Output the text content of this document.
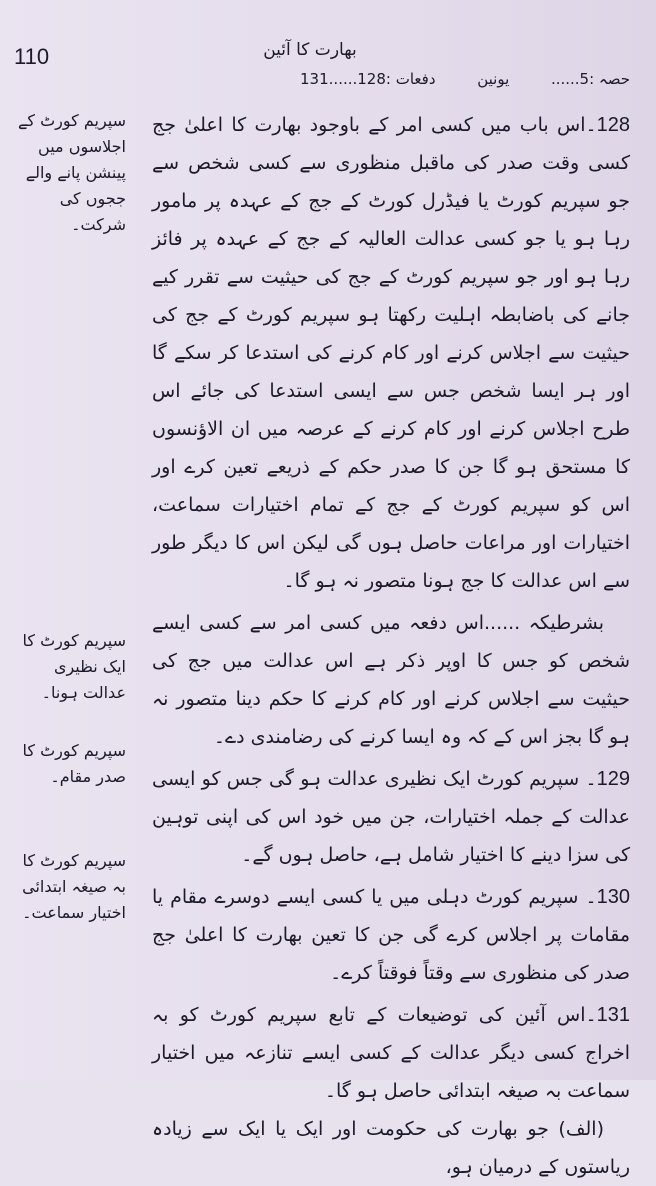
110	بھارت کا آئین
حصہ :5......
یونین
دفعات :128......131
سپریم کورٹ کے اجلاسوں میں پینشن پانے والے ججوں کی شرکت۔
سپریم کورٹ کا ایک نظیری عدالت ہونا۔
سپریم کورٹ کا صدر مقام۔
سپریم کورٹ کا بہ صیغہ ابتدائی اختیار سماعت۔

128۔اس باب میں کسی امر کے باوجود بھارت کا اعلیٰ جج کسی وقت صدر کی ماقبل منظوری سے کسی شخص سے جو سپریم کورٹ یا فیڈرل کورٹ کے جج کے عہدہ پر مامور رہا ہو یا جو کسی عدالت العالیہ کے جج کے عہدہ پر فائز رہا ہو اور جو سپریم کورٹ کے جج کی حیثیت سے تقرر کیے جانے کی باضابطہ اہلیت رکھتا ہو سپریم کورٹ کے جج کی حیثیت سے اجلاس کرنے اور کام کرنے کی استدعا کر سکے گا اور ہر ایسا شخص جس سے ایسی استدعا کی جائے اس طرح اجلاس کرنے اور کام کرنے کے عرصہ میں ان الاؤنسوں کا مستحق ہو گا جن کا صدر حکم کے ذریعے تعین کرے اور اس کو سپریم کورٹ کے جج کے تمام اختیارات سماعت، اختیارات اور مراعات حاصل ہوں گی لیکن اس کا دیگر طور سے اس عدالت کا جج ہونا متصور نہ ہو گا۔

بشرطیکہ ......اس دفعہ میں کسی امر سے کسی ایسے شخص کو جس کا اوپر ذکر ہے اس عدالت میں جج کی حیثیت سے اجلاس کرنے اور کام کرنے کا حکم دینا متصور نہ ہو گا بجز اس کے کہ وہ ایسا کرنے کی رضامندی دے۔

129۔ سپریم کورٹ ایک نظیری عدالت ہو گی جس کو ایسی عدالت کے جملہ اختیارات، جن میں خود اس کی اپنی توہین کی سزا دینے کا اختیار شامل ہے، حاصل ہوں گے۔

130۔ سپریم کورٹ دہلی میں یا کسی ایسے دوسرے مقام یا مقامات پر اجلاس کرے گی جن کا تعین بھارت کا اعلیٰ جج صدر کی منظوری سے وقتاً فوقتاً کرے۔

131۔اس آئین کی توضیعات کے تابع سپریم کورٹ کو بہ اخراج کسی دیگر عدالت کے کسی ایسے تنازعہ میں اختیار سماعت بہ صیغہ ابتدائی حاصل ہو گا۔

(الف) جو بھارت کی حکومت اور ایک یا ایک سے زیادہ ریاستوں کے درمیان ہو،
